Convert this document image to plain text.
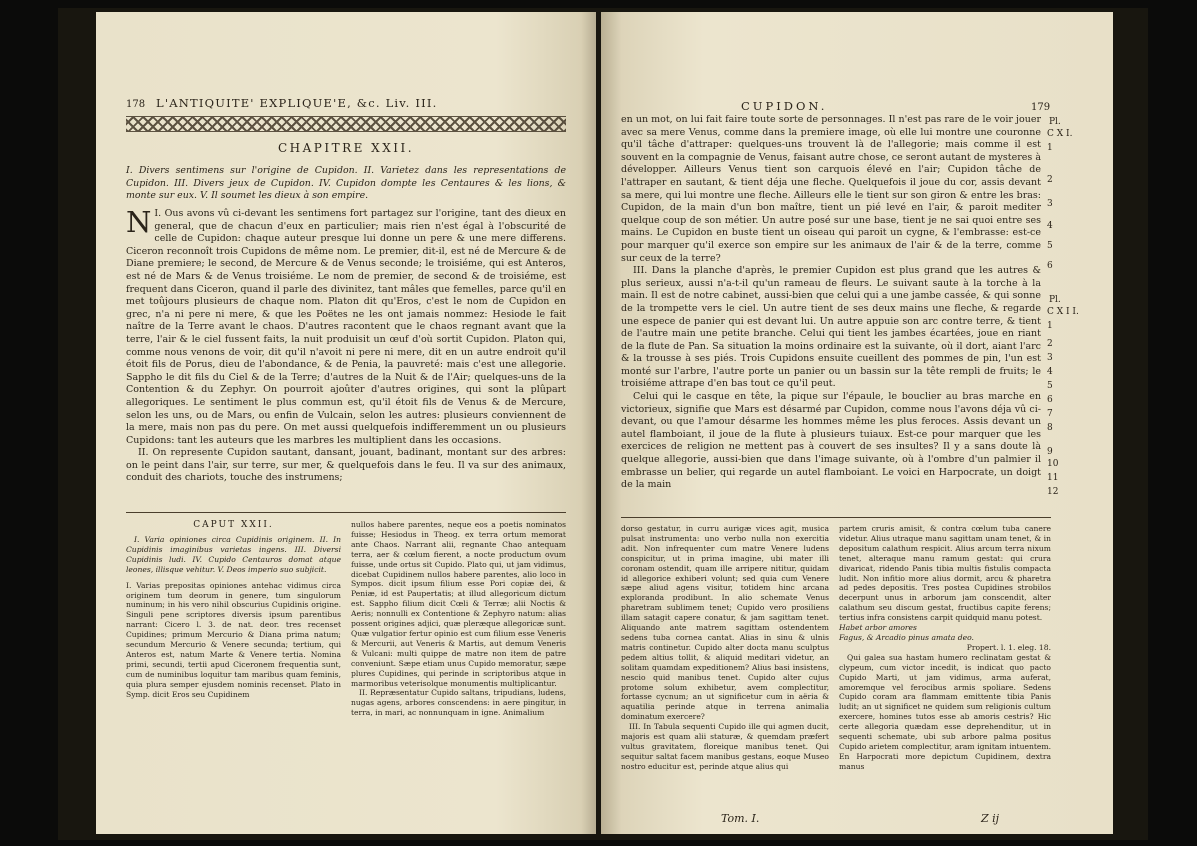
178 L'ANTIQUITE' EXPLIQUE'E, &c. Liv. III.
CHAPITRE XXII.

I. Divers sentimens sur l'origine de Cupidon. II. Varietez dans les representations de Cupidon. III. Divers jeux de Cupidon. IV. Cupidon dompte les Centaures & les lions, & monte sur eux. V. Il soumet les dieux à son empire.

I.
N Ous avons vû ci-devant les sentimens fort partagez sur l'origine, tant des dieux en general, que de chacun d'eux en particulier; mais rien n'est égal à l'obscurité de celle de Cupidon: chaque auteur presque lui donne un pere & une mere differens. Ciceron reconnoît trois Cupidons de même nom. Le premier, dit-il, est né de Mercure & de Diane premiere; le second, de Mercure & de Venus seconde; le troisiéme, qui est Anteros, est né de Mars & de Venus troisiéme. Le nom de premier, de second & de troisiéme, est frequent dans Ciceron, quand il parle des divinitez, tant mâles que femelles, parce qu'il en met toûjours plusieurs de chaque nom. Platon dit qu'Eros, c'est le nom de Cupidon en grec, n'a ni pere ni mere, & que les Poëtes ne les ont jamais nommez: Hesiode le fait naître de la Terre avant le chaos. D'autres racontent que le chaos regnant avant que la terre, l'air & le ciel fussent faits, la nuit produisit un œuf d'où sortit Cupidon. Platon qui, comme nous venons de voir, dit qu'il n'avoit ni pere ni mere, dit en un autre endroit qu'il étoit fils de Porus, dieu de l'abondance, & de Penia, la pauvreté: mais c'est une allegorie. Sappho le dit fils du Ciel & de la Terre; d'autres de la Nuit & de l'Air; quelques-uns de la Contention & du Zephyr. On pourroit ajoûter d'autres origines, qui sont la plûpart allegoriques. Le sentiment le plus commun est, qu'il étoit fils de Venus & de Mercure, selon les uns, ou de Mars, ou enfin de Vulcain, selon les autres: plusieurs conviennent de la mere, mais non pas du pere. On met aussi quelquefois indifferemment un ou plusieurs Cupidons: tant les auteurs que les marbres les multiplient dans les occasions.

II. On represente Cupidon sautant, dansant, jouant, badinant, montant sur des arbres: on le peint dans l'air, sur terre, sur mer, & quelquefois dans le feu. Il va sur des animaux, conduit des chariots, touche des instrumens;

CAPUT XXII.

I. Varia opiniones circa Cupidinis originem. II. In Cupidinis imaginibus varietas ingens. III. Diversi Cupidinis ludi. IV. Cupido Centauros domat atque leones, illisque vehitur. V. Deos imperio suo subjicit.

I. Varias prepositas opiniones antehac vidimus circa originem tum deorum in genere, tum singulorum numinum; in his vero nihil obscurius Cupidinis origine. Singuli pene scriptores diversis ipsum parentibus narrant: Cicero l. 3. de nat. deor. tres recenset Cupidines; primum Mercurio & Diana prima natum; secundum Mercurio & Venere secunda; tertium, qui Anteros est, natum Marte & Venere tertia. Nomina primi, secundi, tertii apud Ciceronem frequentia sunt, cum de numinibus loquitur tam maribus quam feminis, quia plura semper ejusdem nominis recenset. Plato in Symp. dicit Eros seu Cupidinem

nullos habere parentes, neque eos a poetis nominatos fuisse; Hesiodus in Theog. ex terra ortum memorat ante Chaos. Narrant alii, regnante Chao antequam terra, aer & cœlum fierent, a nocte productum ovum fuisse, unde ortus sit Cupido. Plato qui, ut jam vidimus, dicebat Cupidinem nullos habere parentes, alio loco in Sympos. dicit ipsum filium esse Pori copiæ dei, & Peniæ, id est Paupertatis; at illud allegoricum dictum est. Sappho filium dicit Cœli & Terræ; alii Noctis & Aeris; nonnulli ex Contentione & Zephyro natum: alias possent origines adjici, quæ pleræque allegoricæ sunt. Quæ vulgatior fertur opinio est cum filium esse Veneris & Mercurii, aut Veneris & Martis, aut demum Veneris & Vulcani: multi quippe de matre non item de patre conveniunt. Sæpe etiam unus Cupido memoratur, sæpe plures Cupidines, qui perinde in scriptoribus atque in marmoribus veterisolque monumentis multiplicantur.

II. Repræsentatur Cupido saltans, tripudians, ludens, nugas agens, arbores conscendens: in aere pingitur, in terra, in mari, ac nonnunquam in igne. Animalium

CUPIDON.	179

en un mot, on lui fait faire toute sorte de personnages. Il n'est pas rare de le voir jouer avec sa mere Venus, comme dans la premiere image, où elle lui montre une couronne qu'il tâche d'attraper: quelques-uns trouvent là de l'allegorie; mais comme il est souvent en la compagnie de Venus, faisant autre chose, ce seront autant de mysteres à développer. Ailleurs Venus tient son carquois élevé en l'air; Cupidon tâche de l'attraper en sautant, & tient déja une fleche. Quelquefois il joue du cor, assis devant sa mere, qui lui montre une fleche. Ailleurs elle le tient sur son giron & entre les bras: Cupidon, de la main d'un bon maître, tient un pié levé en l'air, & paroit mediter quelque coup de son métier. Un autre posé sur une base, tient je ne sai quoi entre ses mains. Le Cupidon en buste tient un oiseau qui paroit un cygne, & l'embrasse: est-ce pour marquer qu'il exerce son empire sur les animaux de l'air & de la terre, comme sur ceux de la terre?

III. Dans la planche d'après, le premier Cupidon est plus grand que les autres & plus serieux, aussi n'a-t-il qu'un rameau de fleurs. Le suivant saute à la torche à la main. Il est de notre cabinet, aussi-bien que celui qui a une jambe cassée, & qui sonne de la trompette vers le ciel. Un autre tient de ses deux mains une fleche, & regarde une espece de panier qui est devant lui. Un autre appuie son arc contre terre, & tient de l'autre main une petite branche. Celui qui tient les jambes écartées, joue en riant de la flute de Pan. Sa situation la moins ordinaire est la suivante, où il dort, aiant l'arc & la trousse à ses piés. Trois Cupidons ensuite cueillent des pommes de pin, l'un est monté sur l'arbre, l'autre porte un panier ou un bassin sur la tête rempli de fruits; le troisiéme attrape d'en bas tout ce qu'il peut.

Celui qui le casque en tête, la pique sur l'épaule, le bouclier au bras marche en victorieux, signifie que Mars est désarmé par Cupidon, comme nous l'avons déja vû ci-devant, ou que l'amour désarme les hommes même les plus feroces. Assis devant un autel flamboiant, il joue de la flute à plusieurs tuiaux. Est-ce pour marquer que les exercices de religion ne mettent pas à couvert de ses insultes? Il y a sans doute là quelque allegorie, aussi-bien que dans l'image suivante, où à l'ombre d'un palmier il embrasse un belier, qui regarde un autel flamboiant. Le voici en Harpocrate, un doigt de la main

Pl.
C X I.
1
2
3
4
5
6
Pl.
C X I I.
1
2
3
4
5
6
7
8
9
10
11
12

dorso gestatur, in curru aurigæ vices agit, musica pulsat instrumenta: uno verbo nulla non exercitia adit. Non infrequenter cum matre Venere ludens conspicitur, ut in prima imagine, ubi mater illi coronam ostendit, quam ille arripere nititur, quidam id allegorice exhiberi volunt; sed quia cum Venere sæpe aliud agens visitur, totidem hinc arcana exploranda prodibunt. In alio schemate Venus pharetram sublimem tenet; Cupido vero prosiliens illam satagit capere conatur, & jam sagittam tenet. Aliquando ante matrem sagittam ostendentem sedens tuba cornea cantat. Alias in sinu & ulnis matris continetur. Cupido alter docta manu sculptus pedem altius tollit, & aliquid meditari videtur, an solitam quamdam expeditionem? Alius basi insistens, nescio quid manibus tenet. Cupido alter cujus protome solum exhibetur, avem complectitur, fortasse cycnum; an ut significetur cum in aëria & aquatilia perinde atque in terrena animalia dominatum exercere?

III. In Tabula sequenti Cupido ille qui agmen ducit, majoris est quam alii staturæ, & quemdam præfert vultus gravitatem, floreique manibus tenet. Qui sequitur saltat facem manibus gestans, eoque Museo nostro educitur est, perinde atque alius qui

partem cruris amisit, & contra cœlum tuba canere videtur. Alius utraque manu sagittam unam tenet, & in depositum calathum respicit. Alius arcum terra nixum tenet, alteraque manu ramum gestat: qui crura divaricat, ridendo Panis tibia multis fistulis compacta ludit. Non infitio more alius dormit, arcu & pharetra ad pedes depositis. Tres postea Cupidines strobilos decerpunt unus in arborum jam conscendit, alter calathum seu discum gestat, fructibus capite ferens; tertius infra consistens carpit quidquid manu potest.

Habet arbor amores

Fagus, & Arcadio pinus amata deo.

Propert. l. 1. eleg. 18.

Qui galea sua hastam humero reclinatam gestat & clypeum, cum victor incedit, is indicat quo pacto Cupido Marti, ut jam vidimus, arma auferat, amoremque vel ferocibus armis spoliare. Sedens Cupido coram ara flammam emittente tibia Panis ludit; an ut significet ne quidem sum religionis cultum exercere, homines tutos esse ab amoris cestris? Hic certe allegoria quædam esse deprehenditur, ut in sequenti schemate, ubi sub arbore palma positus Cupido arietem complectitur, aram ignitam intuentem. En Harpocrati more depictum Cupidinem, dextra manus

Tom. I.	Z ij
